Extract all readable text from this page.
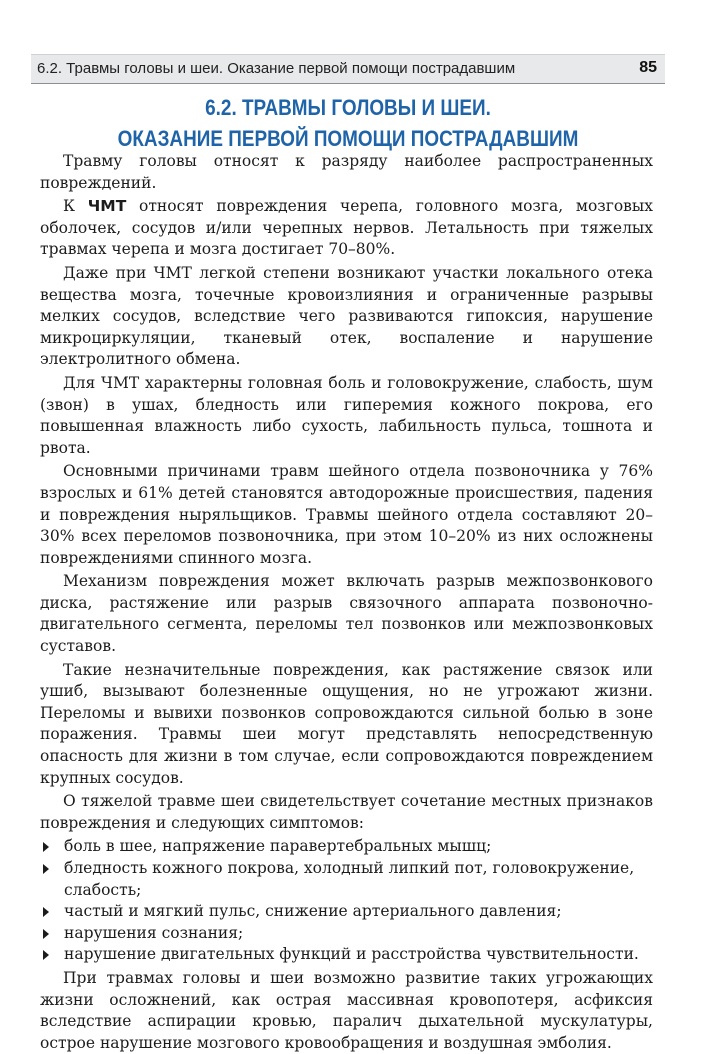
6.2. Травмы головы и шеи. Оказание первой помощи пострадавшим	85
6.2. ТРАВМЫ ГОЛОВЫ И ШЕИ.
ОКАЗАНИЕ ПЕРВОЙ ПОМОЩИ ПОСТРАДАВШИМ

Травму головы относят к разряду наиболее распространенных повреждений.

К ЧМТ относят повреждения черепа, головного мозга, мозговых оболочек, сосудов и/или черепных нервов. Летальность при тяжелых травмах черепа и мозга достигает 70–80%.

Даже при ЧМТ легкой степени возникают участки локального отека вещества мозга, точечные кровоизлияния и ограниченные разрывы мелких сосудов, вследствие чего развиваются гипоксия, нарушение микроциркуляции, тканевый отек, воспаление и нарушение электролитного обмена.

Для ЧМТ характерны головная боль и головокружение, слабость, шум (звон) в ушах, бледность или гиперемия кожного покрова, его повышенная влажность либо сухость, лабильность пульса, тошнота и рвота.

Основными причинами травм шейного отдела позвоночника у 76% взрослых и 61% детей становятся автодорожные происшествия, падения и повреждения ныряльщиков. Травмы шейного отдела составляют 20–30% всех переломов позвоночника, при этом 10–20% из них осложнены повреждениями спинного мозга.

Механизм повреждения может включать разрыв межпозвонкового диска, растяжение или разрыв связочного аппарата позвоночно-двигательного сегмента, переломы тел позвонков или межпозвонковых суставов.

Такие незначительные повреждения, как растяжение связок или ушиб, вызывают болезненные ощущения, но не угрожают жизни. Переломы и вывихи позвонков сопровождаются сильной болью в зоне поражения. Травмы шеи могут представлять непосредственную опасность для жизни в том случае, если сопровождаются повреждением крупных сосудов.

О тяжелой травме шеи свидетельствует сочетание местных признаков повреждения и следующих симптомов:

боль в шее, напряжение паравертебральных мышц;
бледность кожного покрова, холодный липкий пот, головокружение, слабость;
частый и мягкий пульс, снижение артериального давления;
нарушения сознания;
нарушение двигательных функций и расстройства чувствительности.

При травмах головы и шеи возможно развитие таких угрожающих жизни осложнений, как острая массивная кровопотеря, асфиксия вследствие аспирации кровью, паралич дыхательной мускулатуры, острое нарушение мозгового кровообращения и воздушная эмболия.
